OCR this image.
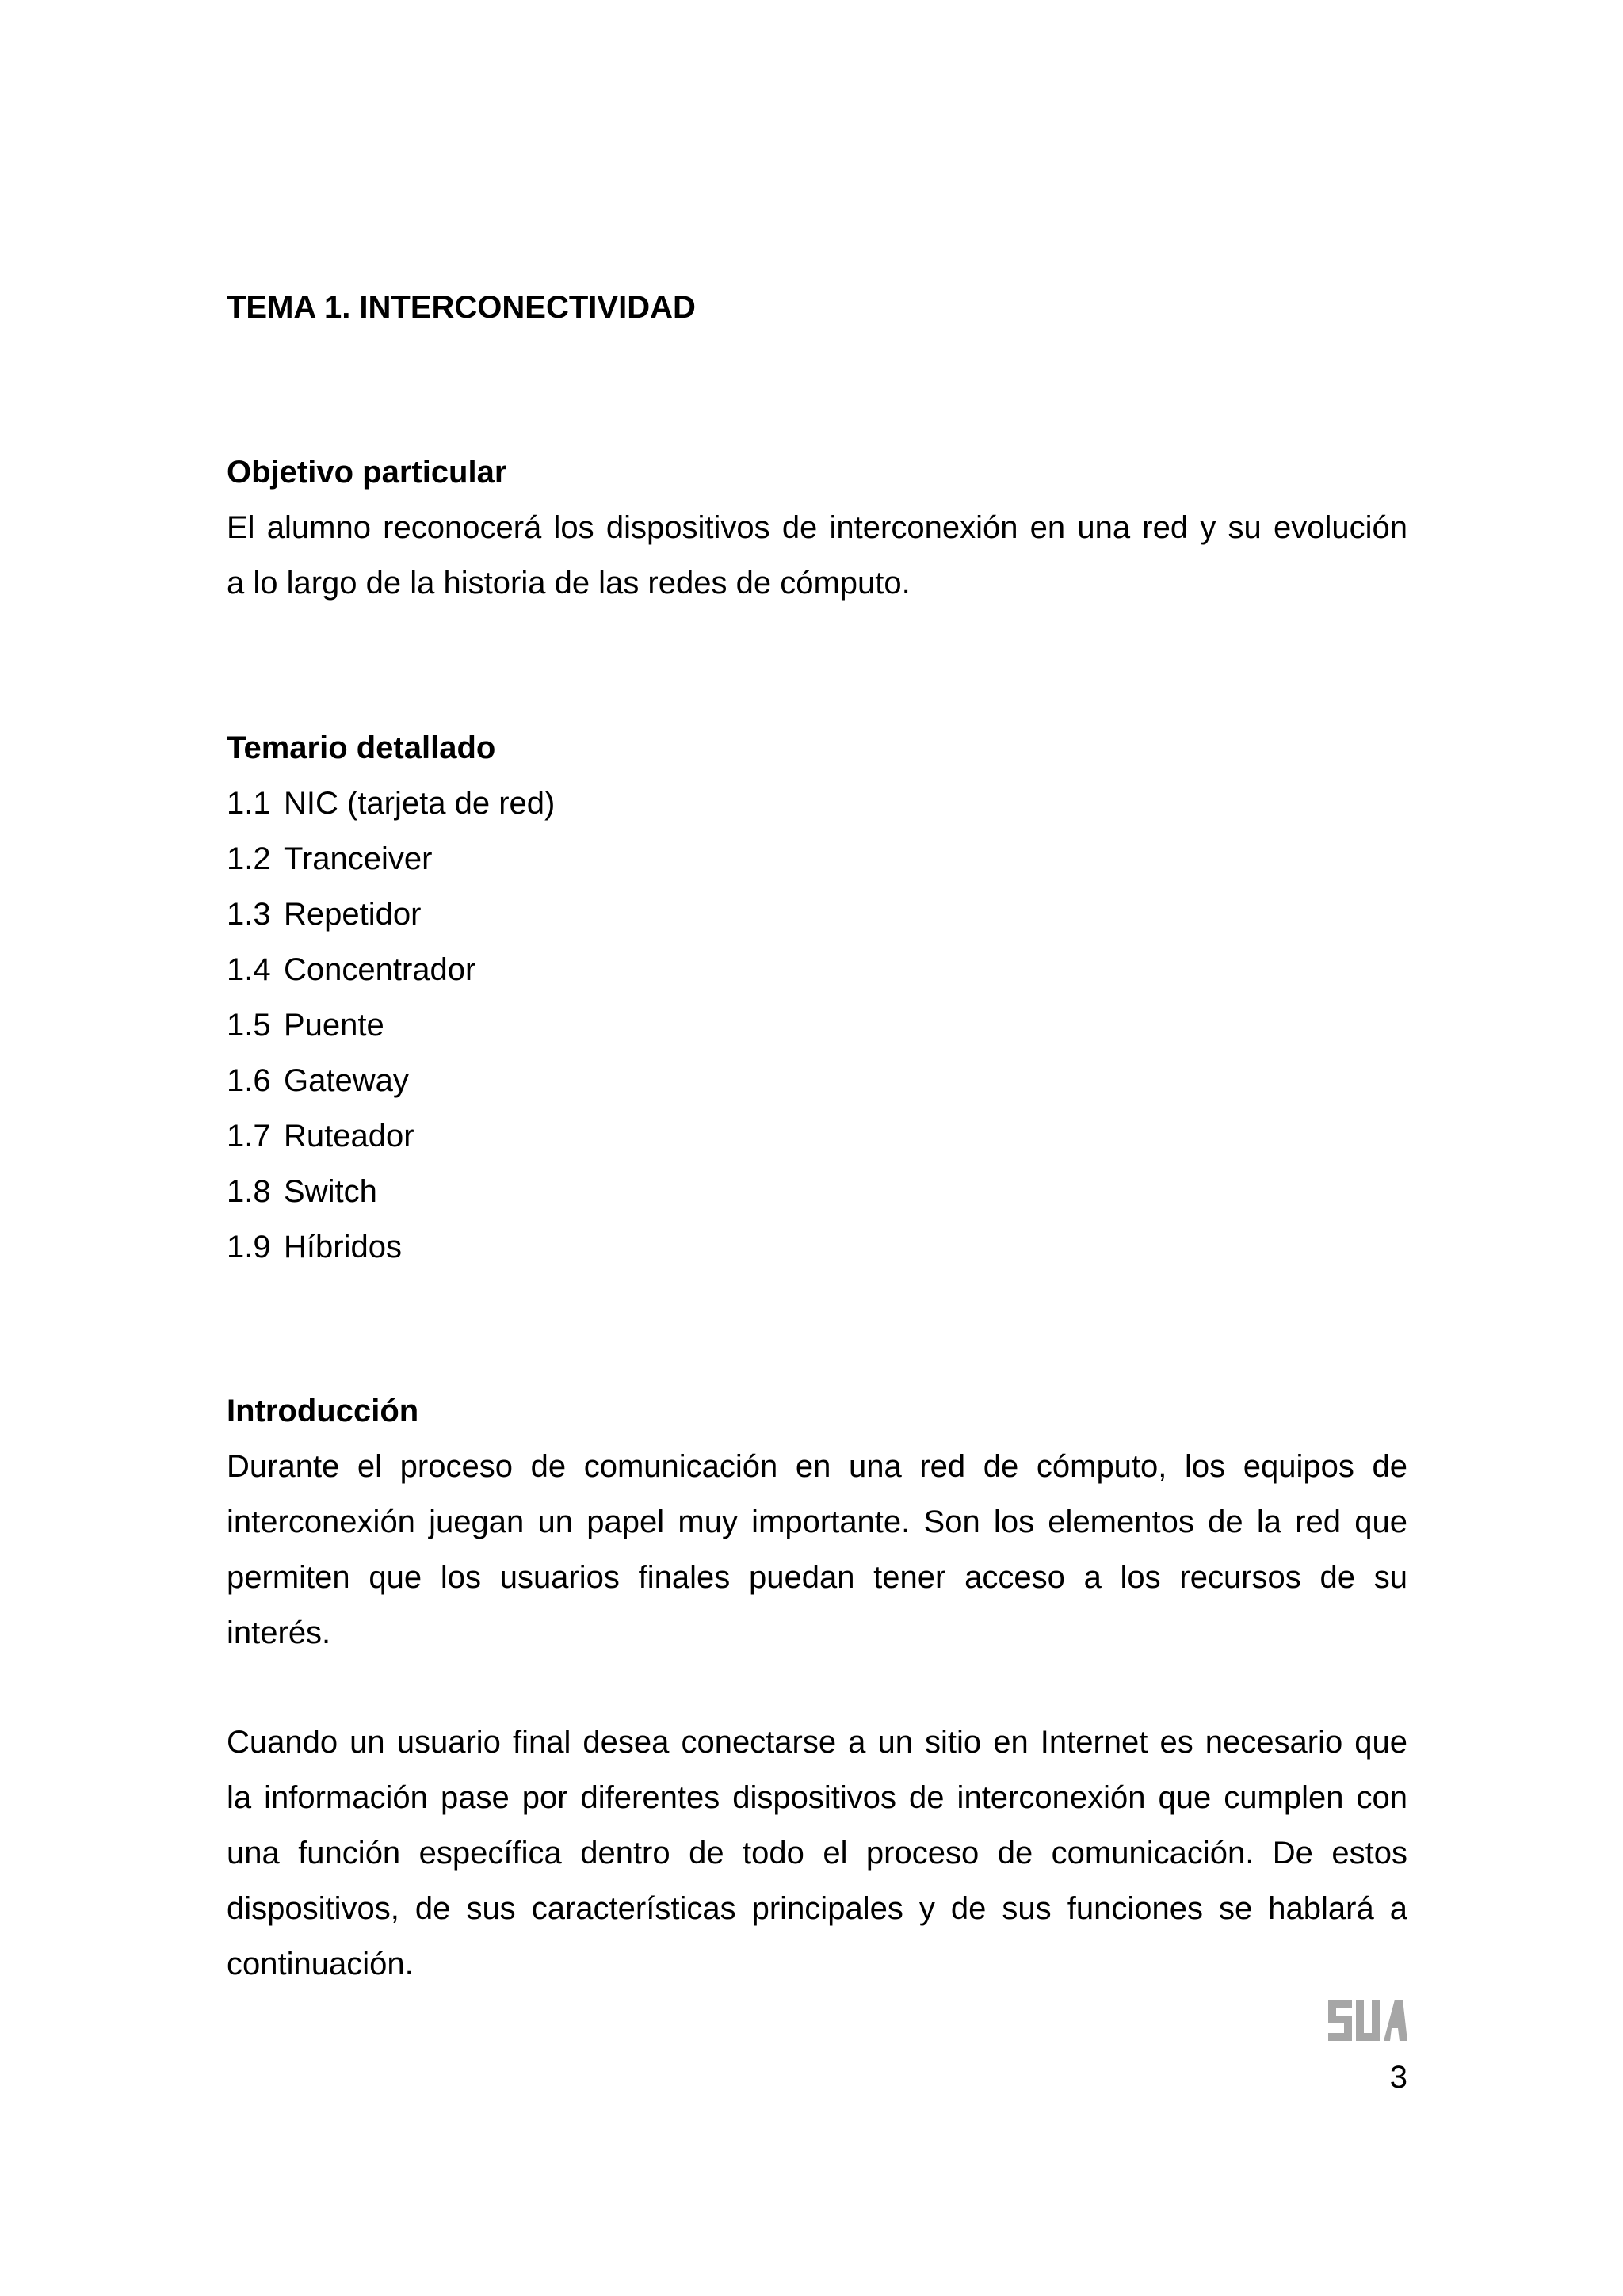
TEMA 1. INTERCONECTIVIDAD
Objetivo particular
El alumno reconocerá los dispositivos de interconexión en una red y su evolución
a lo largo de la historia de las redes de cómputo.
Temario detallado
1.1 NIC (tarjeta de red)
1.2 Tranceiver
1.3 Repetidor
1.4 Concentrador
1.5 Puente
1.6 Gateway
1.7 Ruteador
1.8 Switch
1.9 Híbridos
Introducción
Durante el proceso de comunicación en una red de cómputo, los equipos de
interconexión juegan un papel muy importante. Son los elementos de la red que
permiten que los usuarios finales puedan tener acceso a los recursos de su
interés.
Cuando un usuario final desea conectarse a un sitio en Internet es necesario que
la información pase por diferentes dispositivos de interconexión que cumplen con
una función específica dentro de todo el proceso de comunicación. De estos
dispositivos, de sus características principales y de sus funciones se hablará a
continuación.
3
